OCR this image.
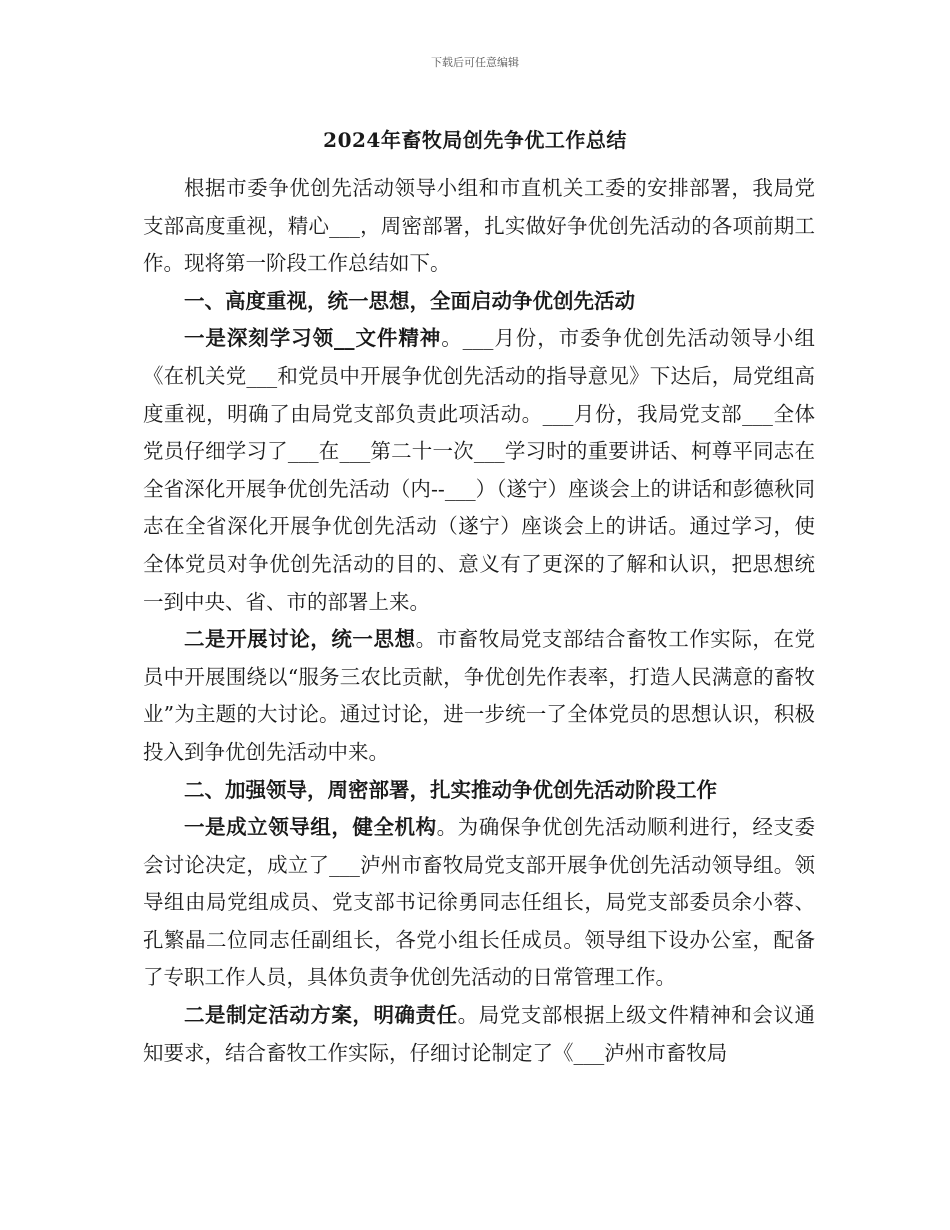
下载后可任意编辑
2024年畜牧局创先争优工作总结

根据市委争优创先活动领导小组和市直机关工委的安排部署，我局党支部高度重视，精心___，周密部署，扎实做好争优创先活动的各项前期工作。现将第一阶段工作总结如下。

一、高度重视，统一思想，全面启动争优创先活动

一是深刻学习领__文件精神。___月份，市委争优创先活动领导小组《在机关党___和党员中开展争优创先活动的指导意见》下达后，局党组高度重视，明确了由局党支部负责此项活动。___月份，我局党支部___全体党员仔细学习了___在___第二十一次___学习时的重要讲话、柯尊平同志在全省深化开展争优创先活动（内--___）（遂宁）座谈会上的讲话和彭德秋同志在全省深化开展争优创先活动（遂宁）座谈会上的讲话。通过学习，使全体党员对争优创先活动的目的、意义有了更深的了解和认识，把思想统一到中央、省、市的部署上来。

二是开展讨论，统一思想。市畜牧局党支部结合畜牧工作实际，在党员中开展围绕以“服务三农比贡献，争优创先作表率，打造人民满意的畜牧业”为主题的大讨论。通过讨论，进一步统一了全体党员的思想认识，积极投入到争优创先活动中来。

二、加强领导，周密部署，扎实推动争优创先活动阶段工作

一是成立领导组，健全机构。为确保争优创先活动顺利进行，经支委会讨论决定，成立了___泸州市畜牧局党支部开展争优创先活动领导组。领导组由局党组成员、党支部书记徐勇同志任组长，局党支部委员余小蓉、孔繁晶二位同志任副组长，各党小组长任成员。领导组下设办公室，配备了专职工作人员，具体负责争优创先活动的日常管理工作。

二是制定活动方案，明确责任。局党支部根据上级文件精神和会议通知要求，结合畜牧工作实际，仔细讨论制定了《___泸州市畜牧局
